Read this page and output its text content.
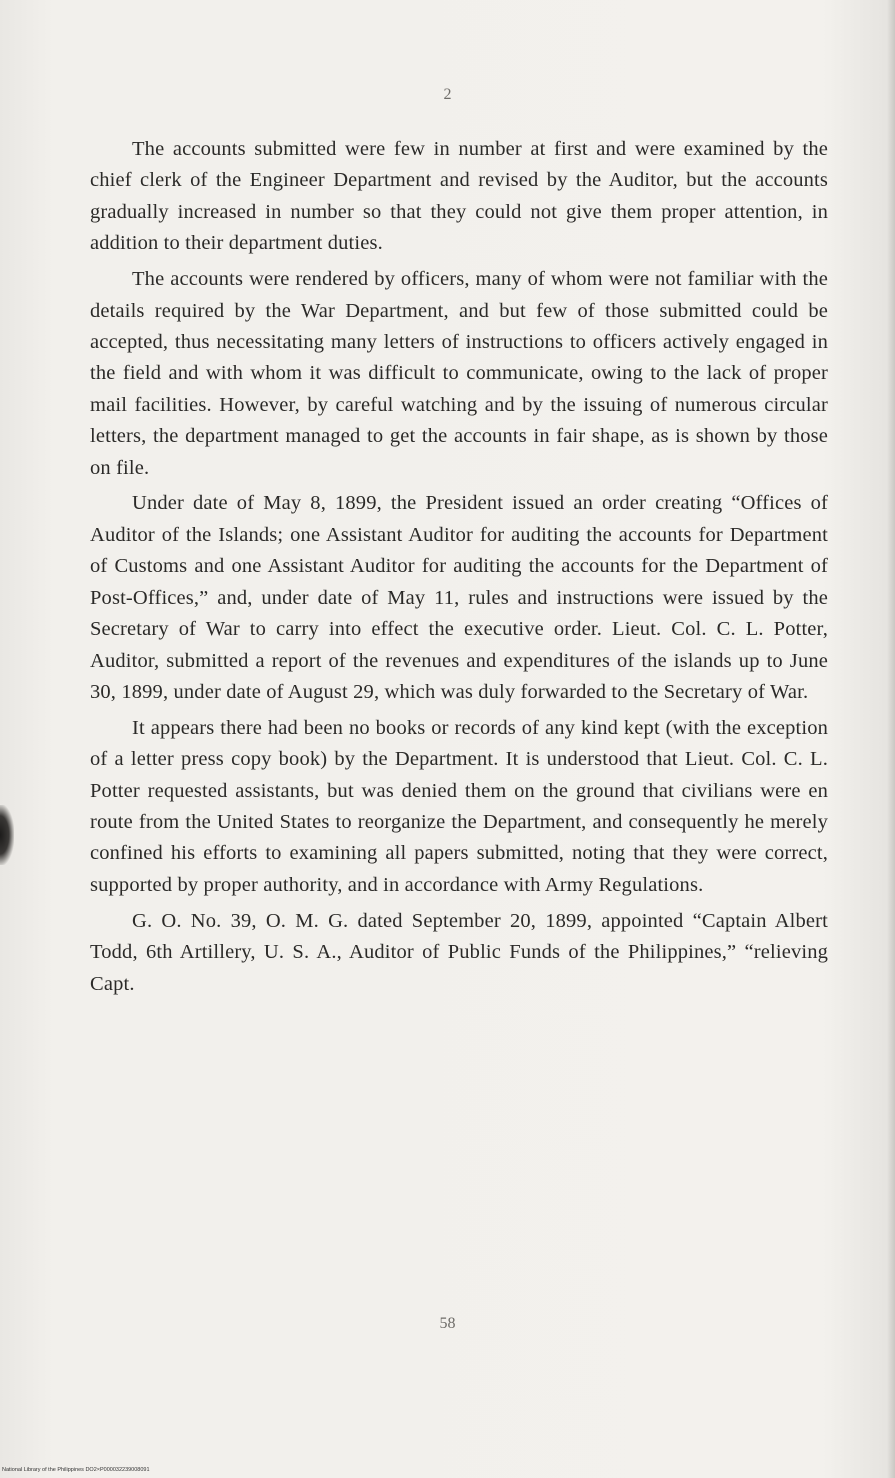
2

The accounts submitted were few in number at first and were examined by the chief clerk of the Engineer Department and revised by the Auditor, but the accounts gradually increased in number so that they could not give them proper attention, in addition to their department duties.

The accounts were rendered by officers, many of whom were not familiar with the details required by the War Department, and but few of those submitted could be accepted, thus necessitating many letters of instructions to officers actively engaged in the field and with whom it was difficult to communicate, owing to the lack of proper mail facilities. However, by careful watching and by the issuing of numerous circular letters, the department managed to get the accounts in fair shape, as is shown by those on file.

Under date of May 8, 1899, the President issued an order creating “Offices of Auditor of the Islands; one Assistant Auditor for auditing the accounts for Department of Customs and one Assistant Auditor for auditing the accounts for the Department of Post-Offices,” and, under date of May 11, rules and instructions were issued by the Secretary of War to carry into effect the executive order. Lieut. Col. C. L. Potter, Auditor, submitted a report of the revenues and expenditures of the islands up to June 30, 1899, under date of August 29, which was duly forwarded to the Secretary of War.

It appears there had been no books or records of any kind kept (with the exception of a letter press copy book) by the Department. It is understood that Lieut. Col. C. L. Potter requested assistants, but was denied them on the ground that civilians were en route from the United States to reorganize the Department, and consequently he merely confined his efforts to examining all papers submitted, noting that they were correct, supported by proper authority, and in accordance with Army Regulations.

G. O. No. 39, O. M. G. dated September 20, 1899, appointed “Captain Albert Todd, 6th Artillery, U. S. A., Auditor of Public Funds of the Philippines,” “relieving Capt.

58
National Library of the Philippines DO2×P000032239008091
